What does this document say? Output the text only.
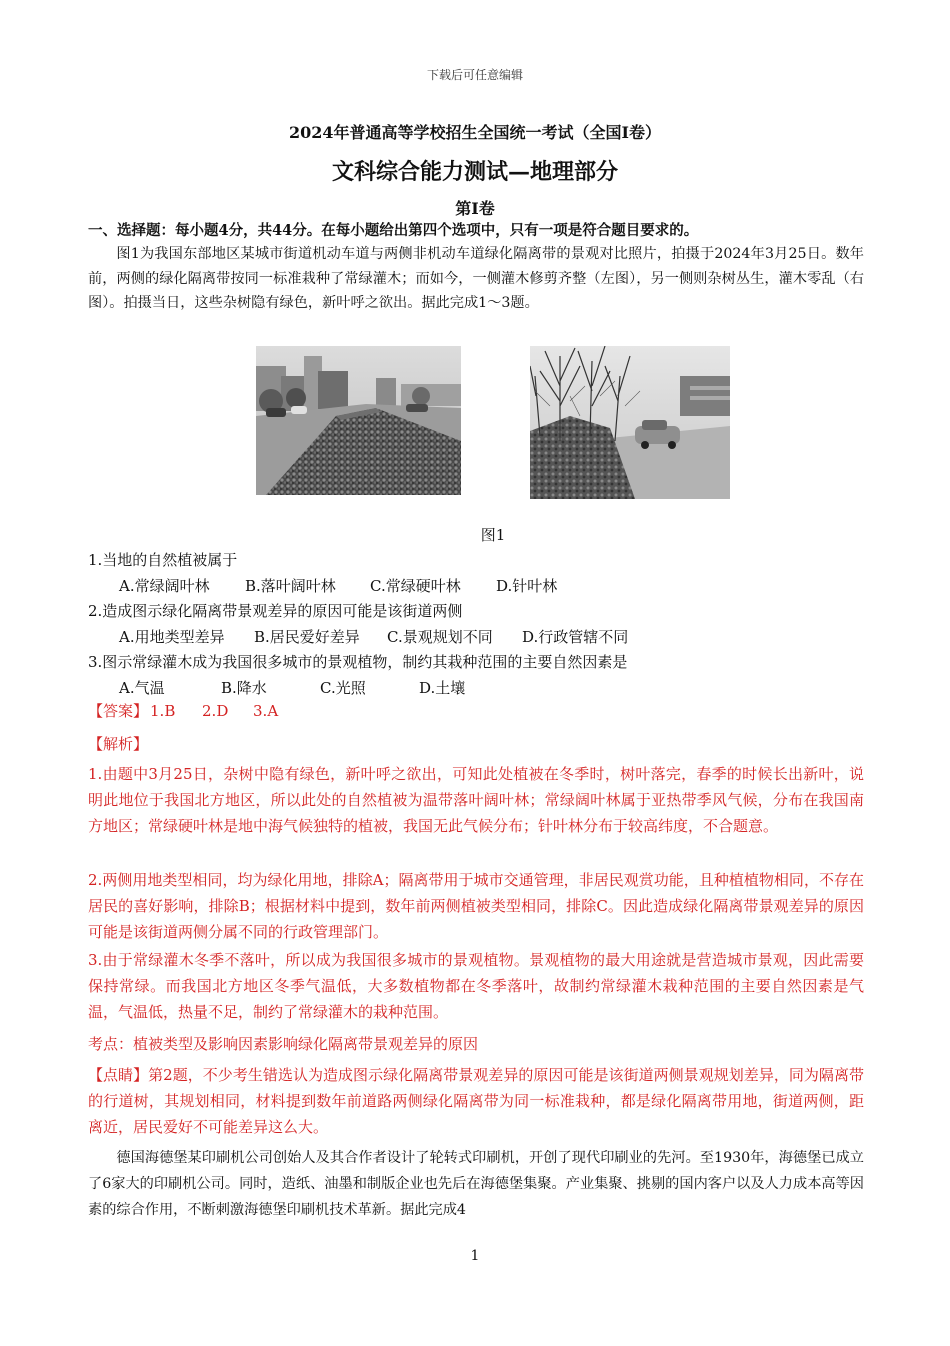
下载后可任意编辑
2024年普通高等学校招生全国统一考试（全国Ⅰ卷）
文科综合能力测试—地理部分
第Ⅰ卷
一、选择题：每小题4分，共44分。在每小题给出第四个选项中，只有一项是符合题目要求的。
图1为我国东部地区某城市街道机动车道与两侧非机动车道绿化隔离带的景观对比照片，拍摄于2024年3月25日。数年前，两侧的绿化隔离带按同一标准栽种了常绿灌木；而如今，一侧灌木修剪齐整（左图），另一侧则杂树丛生，灌木零乱（右图）。拍摄当日，这些杂树隐有绿色，新叶呼之欲出。据此完成1～3题。
图1
1.当地的自然植被属于
A.常绿阔叶林	B.落叶阔叶林	C.常绿硬叶林	D.针叶林
2.造成图示绿化隔离带景观差异的原因可能是该街道两侧
A.用地类型差异	B.居民爱好差异	C.景观规划不同	D.行政管辖不同
3.图示常绿灌木成为我国很多城市的景观植物，制约其栽种范围的主要自然因素是
A.气温	B.降水	C.光照	D.土壤
【答案】 1.B 2.D 3.A
【解析】
1.由题中3月25日，杂树中隐有绿色，新叶呼之欲出，可知此处植被在冬季时，树叶落完，春季的时候长出新叶，说明此地位于我国北方地区，所以此处的自然植被为温带落叶阔叶林；常绿阔叶林属于亚热带季风气候，分布在我国南方地区；常绿硬叶林是地中海气候独特的植被，我国无此气候分布；针叶林分布于较高纬度，不合题意。
2.两侧用地类型相同，均为绿化用地，排除A；隔离带用于城市交通管理，非居民观赏功能，且种植植物相同，不存在居民的喜好影响，排除B；根据材料中提到，数年前两侧植被类型相同，排除C。因此造成绿化隔离带景观差异的原因可能是该街道两侧分属不同的行政管理部门。
3.由于常绿灌木冬季不落叶，所以成为我国很多城市的景观植物。景观植物的最大用途就是营造城市景观，因此需要保持常绿。而我国北方地区冬季气温低，大多数植物都在冬季落叶，故制约常绿灌木栽种范围的主要自然因素是气温，气温低，热量不足，制约了常绿灌木的栽种范围。
考点：植被类型及影响因素影响绿化隔离带景观差异的原因
【点睛】第2题，不少考生错选认为造成图示绿化隔离带景观差异的原因可能是该街道两侧景观规划差异，同为隔离带的行道树，其规划相同，材料提到数年前道路两侧绿化隔离带为同一标准栽种，都是绿化隔离带用地，街道两侧，距离近，居民爱好不可能差异这么大。
德国海德堡某印刷机公司创始人及其合作者设计了轮转式印刷机，开创了现代印刷业的先河。至1930年，海德堡已成立了6家大的印刷机公司。同时，造纸、油墨和制版企业也先后在海德堡集聚。产业集聚、挑剔的国内客户以及人力成本高等因素的综合作用，不断刺激海德堡印刷机技术革新。据此完成4
1
